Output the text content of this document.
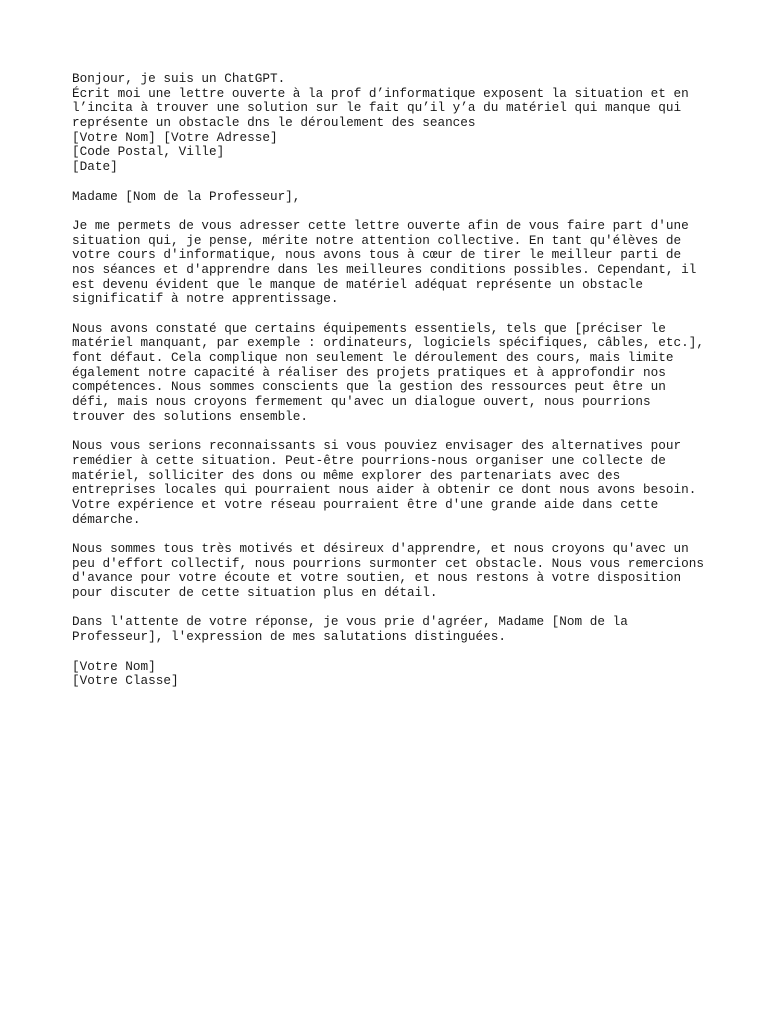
Bonjour, je suis un ChatGPT.
Écrit moi une lettre ouverte à la prof d’informatique exposent la situation et en
l’incita à trouver une solution sur le fait qu’il y’a du matériel qui manque qui
représente un obstacle dns le déroulement des seances
[Votre Nom] [Votre Adresse]
[Code Postal, Ville]
[Date]
Madame [Nom de la Professeur],
Je me permets de vous adresser cette lettre ouverte afin de vous faire part d'une
situation qui, je pense, mérite notre attention collective. En tant qu'élèves de
votre cours d'informatique, nous avons tous à cœur de tirer le meilleur parti de
nos séances et d'apprendre dans les meilleures conditions possibles. Cependant, il
est devenu évident que le manque de matériel adéquat représente un obstacle
significatif à notre apprentissage.
Nous avons constaté que certains équipements essentiels, tels que [préciser le
matériel manquant, par exemple : ordinateurs, logiciels spécifiques, câbles, etc.],
font défaut. Cela complique non seulement le déroulement des cours, mais limite
également notre capacité à réaliser des projets pratiques et à approfondir nos
compétences. Nous sommes conscients que la gestion des ressources peut être un
défi, mais nous croyons fermement qu'avec un dialogue ouvert, nous pourrions
trouver des solutions ensemble.
Nous vous serions reconnaissants si vous pouviez envisager des alternatives pour
remédier à cette situation. Peut-être pourrions-nous organiser une collecte de
matériel, solliciter des dons ou même explorer des partenariats avec des
entreprises locales qui pourraient nous aider à obtenir ce dont nous avons besoin.
Votre expérience et votre réseau pourraient être d'une grande aide dans cette
démarche.
Nous sommes tous très motivés et désireux d'apprendre, et nous croyons qu'avec un
peu d'effort collectif, nous pourrions surmonter cet obstacle. Nous vous remercions
d'avance pour votre écoute et votre soutien, et nous restons à votre disposition
pour discuter de cette situation plus en détail.
Dans l'attente de votre réponse, je vous prie d'agréer, Madame [Nom de la
Professeur], l'expression de mes salutations distinguées.
[Votre Nom]
[Votre Classe]
